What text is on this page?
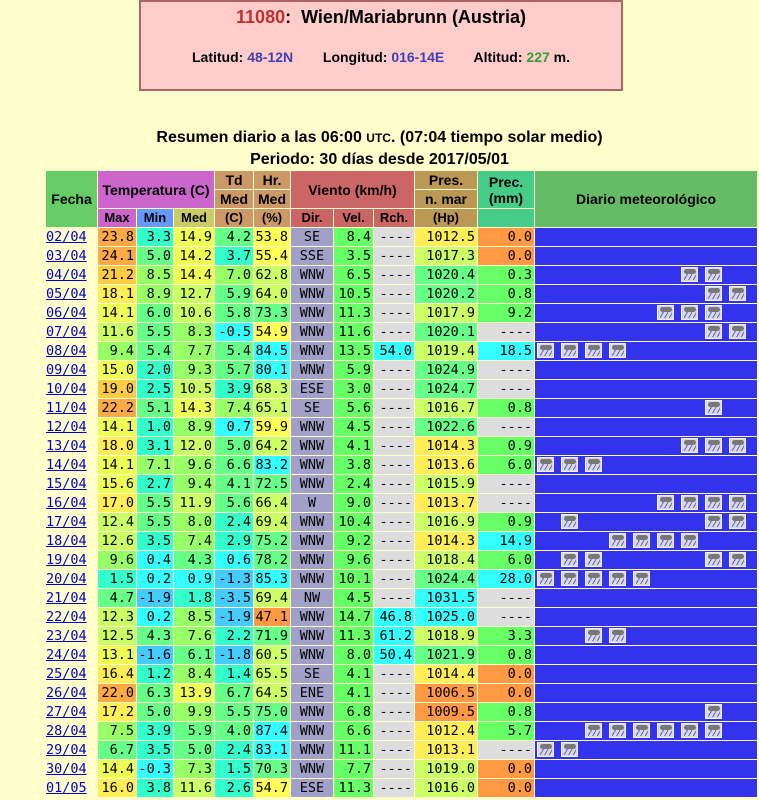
11080:  Wien/Mariabrunn (Austria)
Latitud: 48-12N Longitud: 016-14E Altitud: 227 m.
Resumen diario a las 06:00 UTC. (07:04 tiempo solar medio)
Periodo: 30 días desde 2017/05/01
Fecha	Temperatura (C)			Td	Hr.	Viento (km/h)			Pres.	Prec.
(mm)	Diario meteorológico
				Med	Med				n. mar		
	Max	Min	Med	(C)	(%)	Dir.	Vel.	Rch.	(Hp)		
02/04	23.8	3.3	14.9	4.2	53.8	SE	8.4	----	1012.5	0.0	
03/04	24.1	5.0	14.2	3.7	55.4	SSE	3.5	----	1017.3	0.0	
04/04	21.2	8.5	14.4	7.0	62.8	WNW	6.5	----	1020.4	0.3	

05/04	18.1	8.9	12.7	5.9	64.0	WNW	10.5	----	1020.2	0.8	

06/04	14.1	6.0	10.6	5.8	73.3	WNW	11.3	----	1017.9	9.2	

07/04	11.6	5.5	8.3	-0.5	54.9	WNW	11.6	----	1020.1	----	

08/04	9.4	5.4	7.7	5.4	84.5	WNW	13.5	54.0	1019.4	18.5	

09/04	15.0	2.0	9.3	5.7	80.1	WNW	5.9	----	1024.9	----	
10/04	19.0	2.5	10.5	3.9	68.3	ESE	3.0	----	1024.7	----	
11/04	22.2	5.1	14.3	7.4	65.1	SE	5.6	----	1016.7	0.8	

12/04	14.1	1.0	8.9	0.7	59.9	WNW	4.5	----	1022.6	----	
13/04	18.0	3.1	12.0	5.0	64.2	WNW	4.1	----	1014.3	0.9	

14/04	14.1	7.1	9.6	6.6	83.2	WNW	3.8	----	1013.6	6.0	

15/04	15.6	2.7	9.4	4.1	72.5	WNW	2.4	----	1015.9	----	
16/04	17.0	5.5	11.9	5.6	66.4	W	9.0	----	1013.7	----	

17/04	12.4	5.5	8.0	2.4	69.4	WNW	10.4	----	1016.9	0.9	

18/04	12.6	3.5	7.4	2.9	75.2	WNW	9.2	----	1014.3	14.9	

19/04	9.6	0.4	4.3	0.6	78.2	WNW	9.6	----	1018.4	6.0	

20/04	1.5	0.2	0.9	-1.3	85.3	WNW	10.1	----	1024.4	28.0	

21/04	4.7	-1.9	1.8	-3.5	69.4	NW	4.5	----	1031.5	----	
22/04	12.3	0.2	8.5	-1.9	47.1	WNW	14.7	46.8	1025.0	----	
23/04	12.5	4.3	7.6	2.2	71.9	WNW	11.3	61.2	1018.9	3.3	

24/04	13.1	-1.6	6.1	-1.8	60.5	WNW	8.0	50.4	1021.9	0.8	
25/04	16.4	1.2	8.4	1.4	65.5	SE	4.1	----	1014.4	0.0	
26/04	22.0	6.3	13.9	6.7	64.5	ENE	4.1	----	1006.5	0.0	
27/04	17.2	5.0	9.9	5.5	75.0	WNW	6.8	----	1009.5	0.8	

28/04	7.5	3.9	5.9	4.0	87.4	WNW	6.6	----	1012.4	5.7	

29/04	6.7	3.5	5.0	2.4	83.1	WNW	11.1	----	1013.1	----	

30/04	14.4	-0.3	7.3	1.5	70.3	WNW	7.7	----	1019.0	0.0	
01/05	16.0	3.8	11.6	2.6	54.7	ESE	11.3	----	1016.0	0.0	
